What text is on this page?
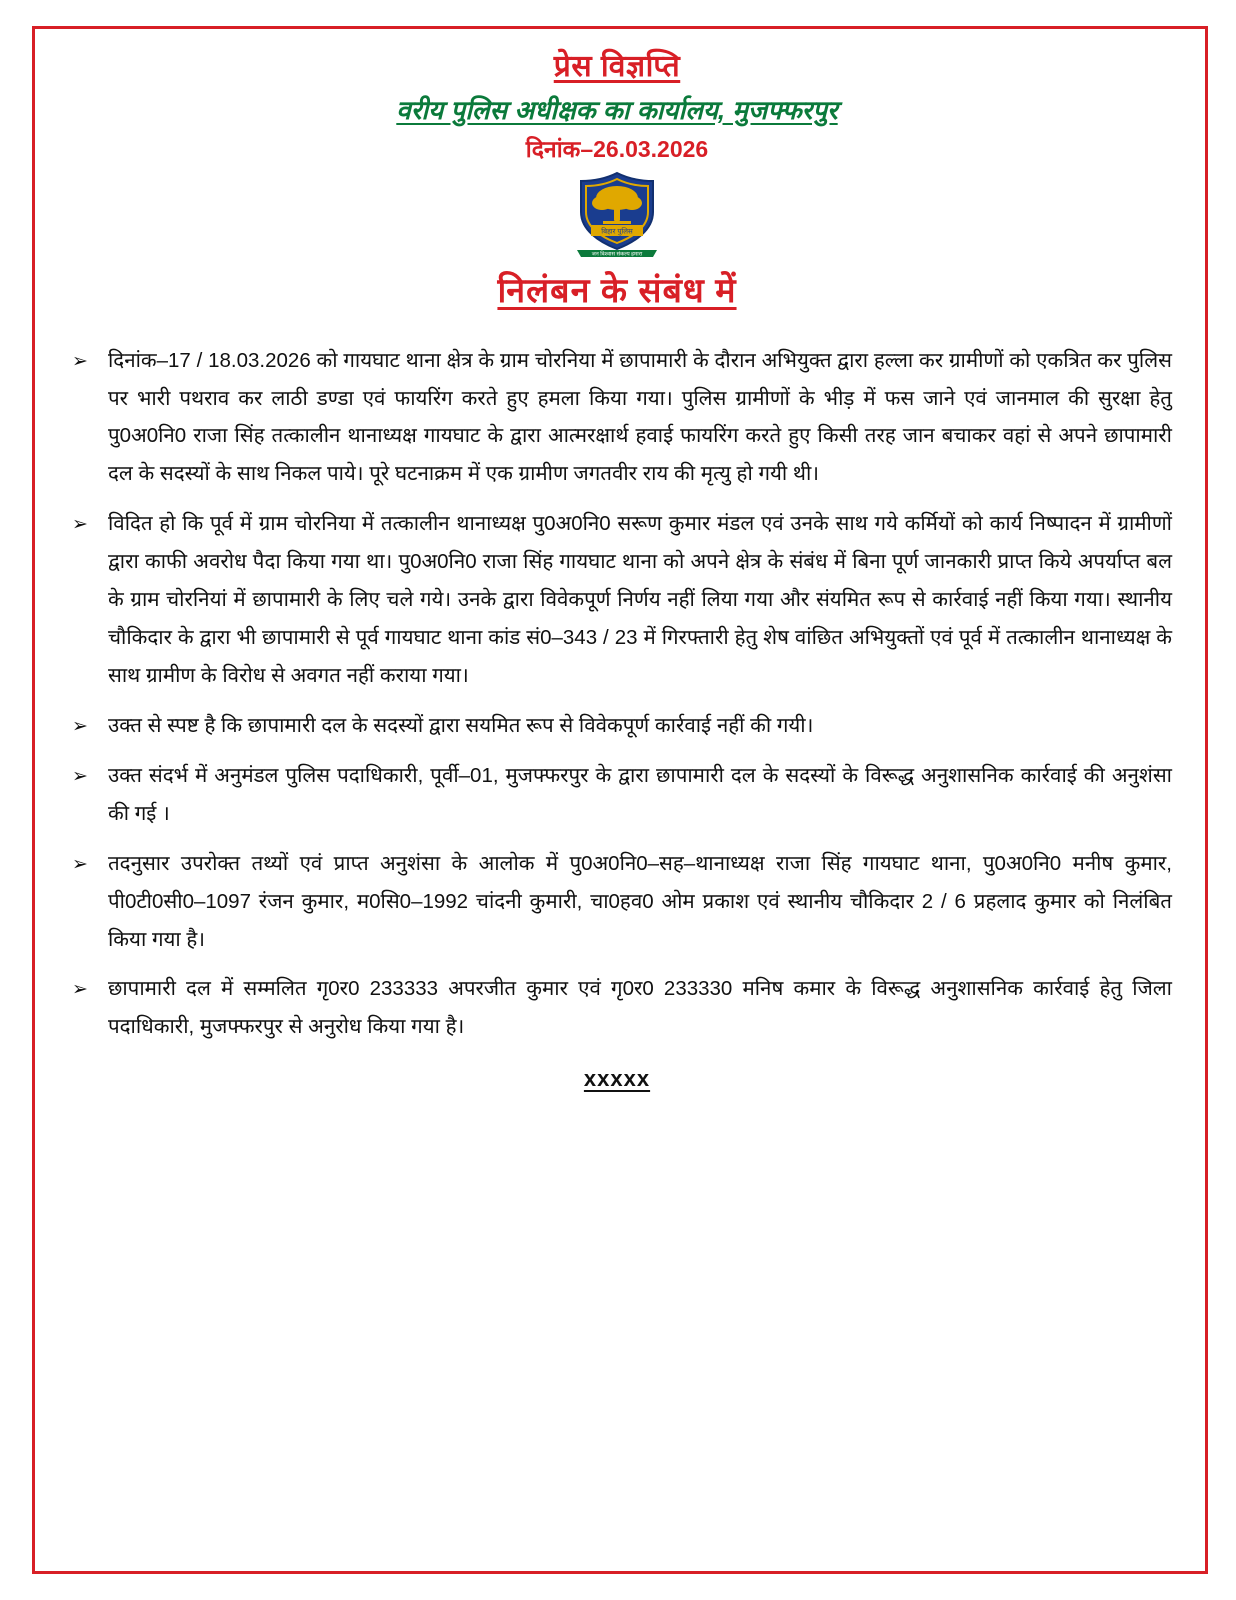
प्रेस विज्ञप्ति
वरीय पुलिस अधीक्षक का कार्यालय, मुजफ्फरपुर
दिनांक–26.03.2026
बिहार पुलिस
जन विश्वास संकल्प हमारा
निलंबन के संबंध में
➢ दिनांक–17 / 18.03.2026 को गायघाट थाना क्षेत्र के ग्राम चोरनिया में छापामारी के दौरान अभियुक्त द्वारा हल्ला कर ग्रामीणों को एकत्रित कर पुलिस पर भारी पथराव कर लाठी डण्डा एवं फायरिंग करते हुए हमला किया गया। पुलिस ग्रामीणों के भीड़ में फस जाने एवं जानमाल की सुरक्षा हेतु पु0अ0नि0 राजा सिंह तत्कालीन थानाध्यक्ष गायघाट के द्वारा आत्मरक्षार्थ हवाई फायरिंग करते हुए किसी तरह जान बचाकर वहां से अपने छापामारी दल के सदस्यों के साथ निकल पाये। पूरे घटनाक्रम में एक ग्रामीण जगतवीर राय की मृत्यु हो गयी थी।
➢ विदित हो कि पूर्व में ग्राम चोरनिया में तत्कालीन थानाध्यक्ष पु0अ0नि0 सरूण कुमार मंडल एवं उनके साथ गये कर्मियों को कार्य निष्पादन में ग्रामीणों द्वारा काफी अवरोध पैदा किया गया था। पु0अ0नि0 राजा सिंह गायघाट थाना को अपने क्षेत्र के संबंध में बिना पूर्ण जानकारी प्राप्त किये अपर्याप्त बल के ग्राम चोरनियां में छापामारी के लिए चले गये। उनके द्वारा विवेकपूर्ण निर्णय नहीं लिया गया और संयमित रूप से कार्रवाई नहीं किया गया। स्थानीय चौकिदार के द्वारा भी छापामारी से पूर्व गायघाट थाना कांड सं0–343 / 23 में गिरफ्तारी हेतु शेष वांछित अभियुक्तों एवं पूर्व में तत्कालीन थानाध्यक्ष के साथ ग्रामीण के विरोध से अवगत नहीं कराया गया।
➢ उक्त से स्पष्ट है कि छापामारी दल के सदस्यों द्वारा सयमित रूप से विवेकपूर्ण कार्रवाई नहीं की गयी।
➢ उक्त संदर्भ में अनुमंडल पुलिस पदाधिकारी, पूर्वी–01, मुजफ्फरपुर के द्वारा छापामारी दल के सदस्यों के विरूद्ध अनुशासनिक कार्रवाई की अनुशंसा की गई ।
➢ तदनुसार उपरोक्त तथ्यों एवं प्राप्त अनुशंसा के आलोक में पु0अ0नि0–सह–थानाध्यक्ष राजा सिंह गायघाट थाना, पु0अ0नि0 मनीष कुमार, पी0टी0सी0–1097 रंजन कुमार, म0सि0–1992 चांदनी कुमारी, चा0हव0 ओम प्रकाश एवं स्थानीय चौकिदार 2 / 6 प्रहलाद कुमार को निलंबित किया गया है।
➢ छापामारी दल में सम्मलित गृ0र0 233333 अपरजीत कुमार एवं गृ0र0 233330 मनिष कमार के विरूद्ध अनुशासनिक कार्रवाई हेतु जिला पदाधिकारी, मुजफ्फरपुर से अनुरोध किया गया है।
xxxxx
